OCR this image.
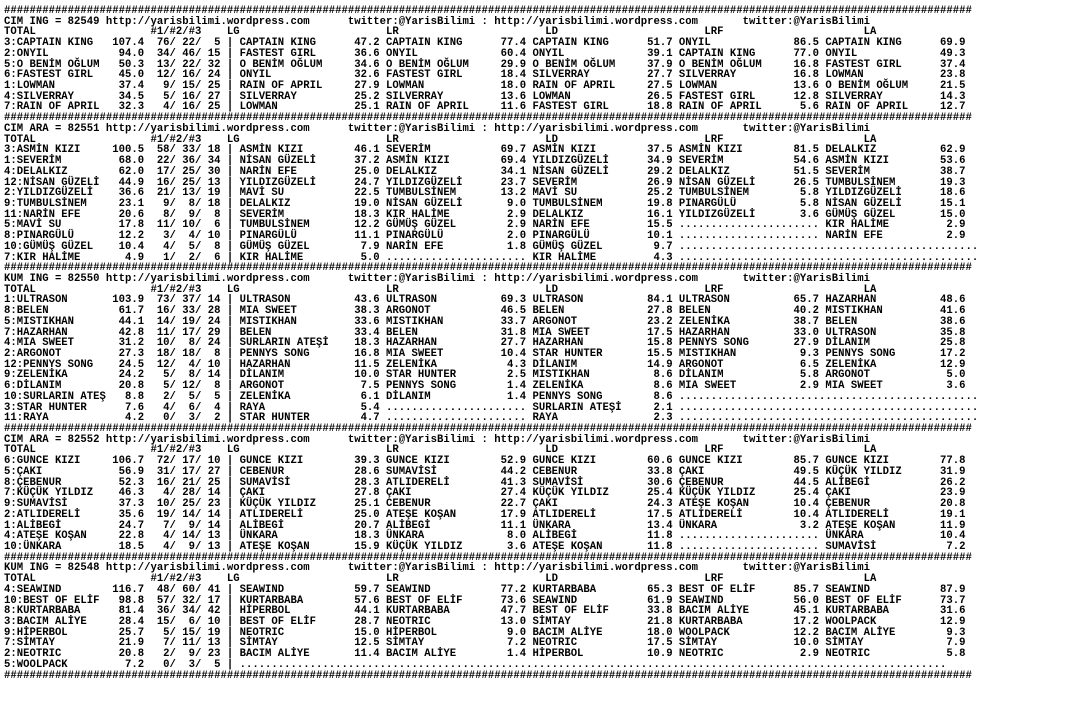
########################################################################################################################################################
CIM ING = 82549 http://yarisbilimi.wordpress.com      twitter:@YarisBilimi : http://yarisbilimi.wordpress.com       twitter:@YarisBilimi
TOTAL                  #1/#2/#3    LG                       LR                       LD                       LRF                      LA
3:CAPTAIN KING   107.4  76/ 22/  5 | CAPTAIN KING      47.2 CAPTAIN KING      77.4 CAPTAIN KING      51.7 ONYIL             86.5 CAPTAIN KING      69.9
2:ONYIL           94.0  34/ 46/ 15 | FASTEST GIRL      36.6 ONYIL             60.4 ONYIL             39.1 CAPTAIN KING      77.0 ONYIL             49.3
5:O BENİM OĞLUM   50.3  13/ 22/ 32 | O BENİM OĞLUM     34.6 O BENİM OĞLUM     29.9 O BENİM OĞLUM     37.9 O BENİM OĞLUM     16.8 FASTEST GIRL      37.4
6:FASTEST GIRL    45.0  12/ 16/ 24 | ONYIL             32.6 FASTEST GIRL      18.4 SILVERRAY         27.7 SILVERRAY         16.8 LOWMAN            23.8
1:LOWMAN          37.4   9/ 15/ 25 | RAIN OF APRIL     27.9 LOWMAN            18.0 RAIN OF APRIL     27.5 LOWMAN            13.6 O BENİM OĞLUM     21.5
4:SILVERRAY       34.5   5/ 16/ 27 | SILVERRAY         25.2 SILVERRAY         13.6 LOWMAN            26.5 FASTEST GIRL      12.8 SILVERRAY         14.3
7:RAIN OF APRIL   32.3   4/ 16/ 25 | LOWMAN            25.1 RAIN OF APRIL     11.6 FASTEST GIRL      18.8 RAIN OF APRIL      5.6 RAIN OF APRIL     12.7
########################################################################################################################################################
CIM ARA = 82551 http://yarisbilimi.wordpress.com      twitter:@YarisBilimi : http://yarisbilimi.wordpress.com       twitter:@YarisBilimi
TOTAL                  #1/#2/#3    LG                       LR                       LD                       LRF                      LA
3:ASMİN KIZI     100.5  58/ 33/ 18 | ASMİN KIZI        46.1 SEVERİM           69.7 ASMİN KIZI        37.5 ASMİN KIZI        81.5 DELALKIZ          62.9
1:SEVERİM         68.0  22/ 36/ 34 | NİSAN GÜZELİ      37.2 ASMİN KIZI        69.4 YILDIZGÜZELİ      34.9 SEVERİM           54.6 ASMİN KIZI        53.6
4:DELALKIZ        62.0  17/ 25/ 30 | NARİN EFE         25.0 DELALKIZ          34.1 NİSAN GÜZELİ      29.2 DELALKIZ          51.5 SEVERİM           38.7
12:NİSAN GÜZELİ   44.9  16/ 25/ 13 | YILDIZGÜZELİ      24.7 YILDIZGÜZELİ      23.7 SEVERİM           26.9 NİSAN GÜZELİ      26.5 TUMBULSİNEM       19.3
2:YILDIZGÜZELİ    36.6  21/ 13/ 19 | MAVİ SU           22.5 TUMBULSİNEM       13.2 MAVİ SU           25.2 TUMBULSİNEM        5.8 YILDIZGÜZELİ      18.6
9:TUMBULSİNEM     23.1   9/  8/ 18 | DELALKIZ          19.0 NİSAN GÜZELİ       9.0 TUMBULSİNEM       19.8 PINARGÜLÜ          5.8 NİSAN GÜZELİ      15.1
11:NARİN EFE      20.6   8/  9/  8 | SEVERİM           18.3 KIR HALİME         2.9 DELALKIZ          16.1 YILDIZGÜZELİ       3.6 GÜMÜŞ GÜZEL       15.0
5:MAVİ SU         17.8  11/ 10/  6 | TUMBULSİNEM       12.2 GÜMÜŞ GÜZEL        2.9 NARİN EFE         15.5 ...................... KIR HALİME         2.9
8:PINARGÜLÜ       12.2   3/  4/ 10 | PINARGÜLÜ         11.1 PINARGÜLÜ          2.0 PINARGÜLÜ         10.1 ...................... NARİN EFE          2.9
10:GÜMÜŞ GÜZEL    10.4   4/  5/  8 | GÜMÜŞ GÜZEL        7.9 NARİN EFE          1.8 GÜMÜŞ GÜZEL        9.7 ...............................................
7:KIR HALİME       4.9   1/  2/  6 | KIR HALİME         5.0 ...................... KIR HALİME         4.3 ...............................................
########################################################################################################################################################
KUM ING = 82550 http://yarisbilimi.wordpress.com      twitter:@YarisBilimi : http://yarisbilimi.wordpress.com       twitter:@YarisBilimi
TOTAL                  #1/#2/#3    LG                       LR                       LD                       LRF                      LA
1:ULTRASON       103.9  73/ 37/ 14 | ULTRASON          43.6 ULTRASON          69.3 ULTRASON          84.1 ULTRASON          65.7 HAZARHAN          48.6
8:BELEN           61.7  16/ 33/ 28 | MIA SWEET         38.3 ARGONOT           46.5 BELEN             27.8 BELEN             40.2 MISTIKHAN         41.6
5:MISTIKHAN       44.1  14/ 19/ 24 | MISTIKHAN         33.6 MISTIKHAN         33.7 ARGONOT           23.2 ZELENİKA          38.7 BELEN             38.6
7:HAZARHAN        42.8  11/ 17/ 29 | BELEN             33.4 BELEN             31.8 MIA SWEET         17.5 HAZARHAN          33.0 ULTRASON          35.8
4:MIA SWEET       31.2  10/  8/ 24 | SURLARIN ATEŞİ    18.3 HAZARHAN          27.7 HAZARHAN          15.8 PENNYS SONG       27.9 DİLANIM           25.8
2:ARGONOT         27.3  18/ 18/  8 | PENNYS SONG       16.8 MIA SWEET         10.4 STAR HUNTER       15.5 MISTIKHAN          9.3 PENNYS SONG       17.2
12:PENNYS SONG    24.5  12/  4/ 10 | HAZARHAN          11.5 ZELENİKA           4.3 DİLANIM           14.9 ARGONOT            6.5 ZELENİKA          12.9
9:ZELENİKA        24.2   5/  8/ 14 | DİLANIM           10.0 STAR HUNTER        2.5 MISTIKHAN          8.6 DİLANIM            5.8 ARGONOT            5.0
6:DİLANIM         20.8   5/ 12/  8 | ARGONOT            7.5 PENNYS SONG        1.4 ZELENİKA           8.6 MIA SWEET          2.9 MIA SWEET          3.6
10:SURLARIN ATEŞ   8.8   2/  5/  5 | ZELENİKA           6.1 DİLANIM            1.4 PENNYS SONG        8.6 ...............................................
3:STAR HUNTER      7.6   4/  6/  4 | RAYA               5.4 ...................... SURLARIN ATEŞİ     2.1 ...............................................
11:RAYA            4.2   0/  3/  2 | STAR HUNTER        4.7 ...................... RAYA               2.3 ...............................................
########################################################################################################################################################
CIM ARA = 82552 http://yarisbilimi.wordpress.com      twitter:@YarisBilimi : http://yarisbilimi.wordpress.com       twitter:@YarisBilimi
TOTAL                  #1/#2/#3    LG                       LR                       LD                       LRF                      LA
6:GUNCE KIZI     106.7  72/ 17/ 10 | GUNCE KIZI        39.3 GUNCE KIZI        52.9 GUNCE KIZI        60.6 GUNCE KIZI        85.7 GUNCE KIZI        77.8
5:ÇAKI            56.9  31/ 17/ 27 | CEBENUR           28.6 SUMAVİSİ          44.2 CEBENUR           33.8 ÇAKI              49.5 KÜÇÜK YILDIZ      31.9
8:ÇEBENUR         52.3  16/ 21/ 25 | SUMAVİSİ          28.3 ATLIDERELİ        41.3 SUMAVİSİ          30.6 ÇEBENUR           44.5 ALİBEGİ           26.2
7:KÜÇÜK YILDIZ    46.3   4/ 28/ 14 | ÇAKI              27.8 ÇAKI              27.4 KÜÇÜK YILDIZ      25.4 KÜÇÜK YILDIZ      25.4 ÇAKI              23.9
9:SUMAVİSİ        37.3  10/ 25/ 23 | KÜÇÜK YILDIZ      25.1 CEBENUR           22.7 ÇAKI              24.3 ATEŞE KOŞAN       10.4 ÇEBENUR           20.8
2:ATLIDERELİ      35.6  19/ 14/ 14 | ATLIDERELİ        25.0 ATEŞE KOŞAN       17.9 ATLIDERELİ        17.5 ATLIDERELİ        10.4 ATLIDERELİ        19.1
1:ALİBEGİ         24.7   7/  9/ 14 | ALİBEGİ           20.7 ALİBEGİ           11.1 ÜNKARA            13.4 ÜNKARA             3.2 ATEŞE KOŞAN       11.9
4:ATEŞE KOŞAN     22.8   4/ 14/ 13 | ÜNKARA            18.3 ÜNKARA             8.0 ALİBEGİ           11.8 ...................... ÜNKARA            10.4
10:ÜNKARA         18.5   4/  9/ 13 | ATEŞE KOŞAN       15.9 KÜÇÜK YILDIZ       3.6 ATEŞE KOŞAN       11.8 ...................... SUMAVİSİ           7.2
########################################################################################################################################################
KUM ING = 82548 http://yarisbilimi.wordpress.com      twitter:@YarisBilimi : http://yarisbilimi.wordpress.com       twitter:@YarisBilimi
TOTAL                  #1/#2/#3    LG                       LR                       LD                       LRF                      LA
4:SEAWIND        116.7  48/ 60/ 41 | SEAWIND           59.7 SEAWIND           77.2 KURTARBABA        65.3 BEST OF ELİF      85.7 SEAWIND           87.9
10:BEST OF ELİF   98.8  57/ 32/ 17 | KURTARBABA        57.6 BEST OF ELİF      73.6 SEAWIND           61.9 SEAWIND           56.0 BEST OF ELİF      73.7
8:KURTARBABA      81.4  36/ 34/ 42 | HİPERBOL          44.1 KURTARBABA        47.7 BEST OF ELİF      33.8 BACIM ALİYE       45.1 KURTARBABA        31.6
3:BACIM ALİYE     28.4  15/  6/ 10 | BEST OF ELİF      28.7 NEOTRIC           13.0 SİMTAY            21.8 KURTARBABA        17.2 WOOLPACK          12.9
9:HİPERBOL        25.7   5/ 15/ 19 | NEOTRIC           15.0 HİPERBOL           9.0 BACIM ALİYE       18.0 WOOLPACK          12.2 BACIM ALİYE        9.3
7:SİMTAY          21.9   7/ 11/ 13 | SİMTAY            12.5 SİMTAY             7.2 NEOTRIC           17.5 SİMTAY            10.0 SİMTAY             7.9
2:NEOTRIC         20.8   2/  9/ 23 | BACIM ALİYE       11.4 BACIM ALİYE        1.4 HİPERBOL          10.9 NEOTRIC            2.9 NEOTRIC            5.8
5:WOOLPACK         7.2   0/  3/  5 | ...............................................................................................................
########################################################################################################################################################
